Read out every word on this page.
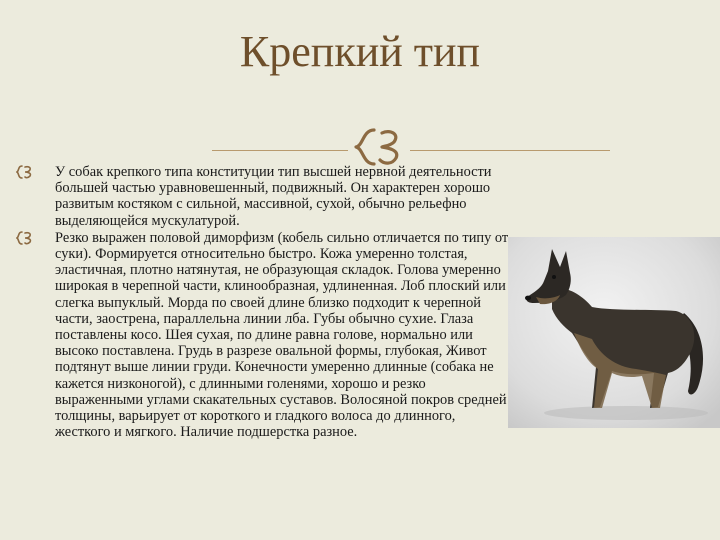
Крепкий тип
У собак крепкого типа конституции тип высшей нервной деятельности большей частью уравновешенный, подвижный. Он характерен хорошо развитым костяком с сильной, массивной, сухой, обычно рельефно выделяющейся мускулатурой.
Резко выражен половой диморфизм (кобель сильно отличается по типу от суки). Формируется относительно быстро. Кожа умеренно толстая, эластичная, плотно натянутая, не образующая складок. Голова умеренно широкая в черепной части, клинообразная, удлиненная. Лоб плоский или слегка выпуклый. Морда по своей длине близко подходит к черепной части, заострена, параллельна линии лба. Губы обычно сухие. Глаза поставлены косо. Шея сухая, по длине равна голове, нормально или высоко поставлена. Грудь в разрезе овальной формы, глубокая, Живот подтянут выше линии груди. Конечности умеренно длинные (собака не кажется низконогой), с длинными голенями, хорошо и резко выраженными углами скакательных суставов. Волосяной покров средней толщины, варьирует от короткого и гладкого волоса до длинного, жесткого и мягкого. Наличие подшерстка разное.
